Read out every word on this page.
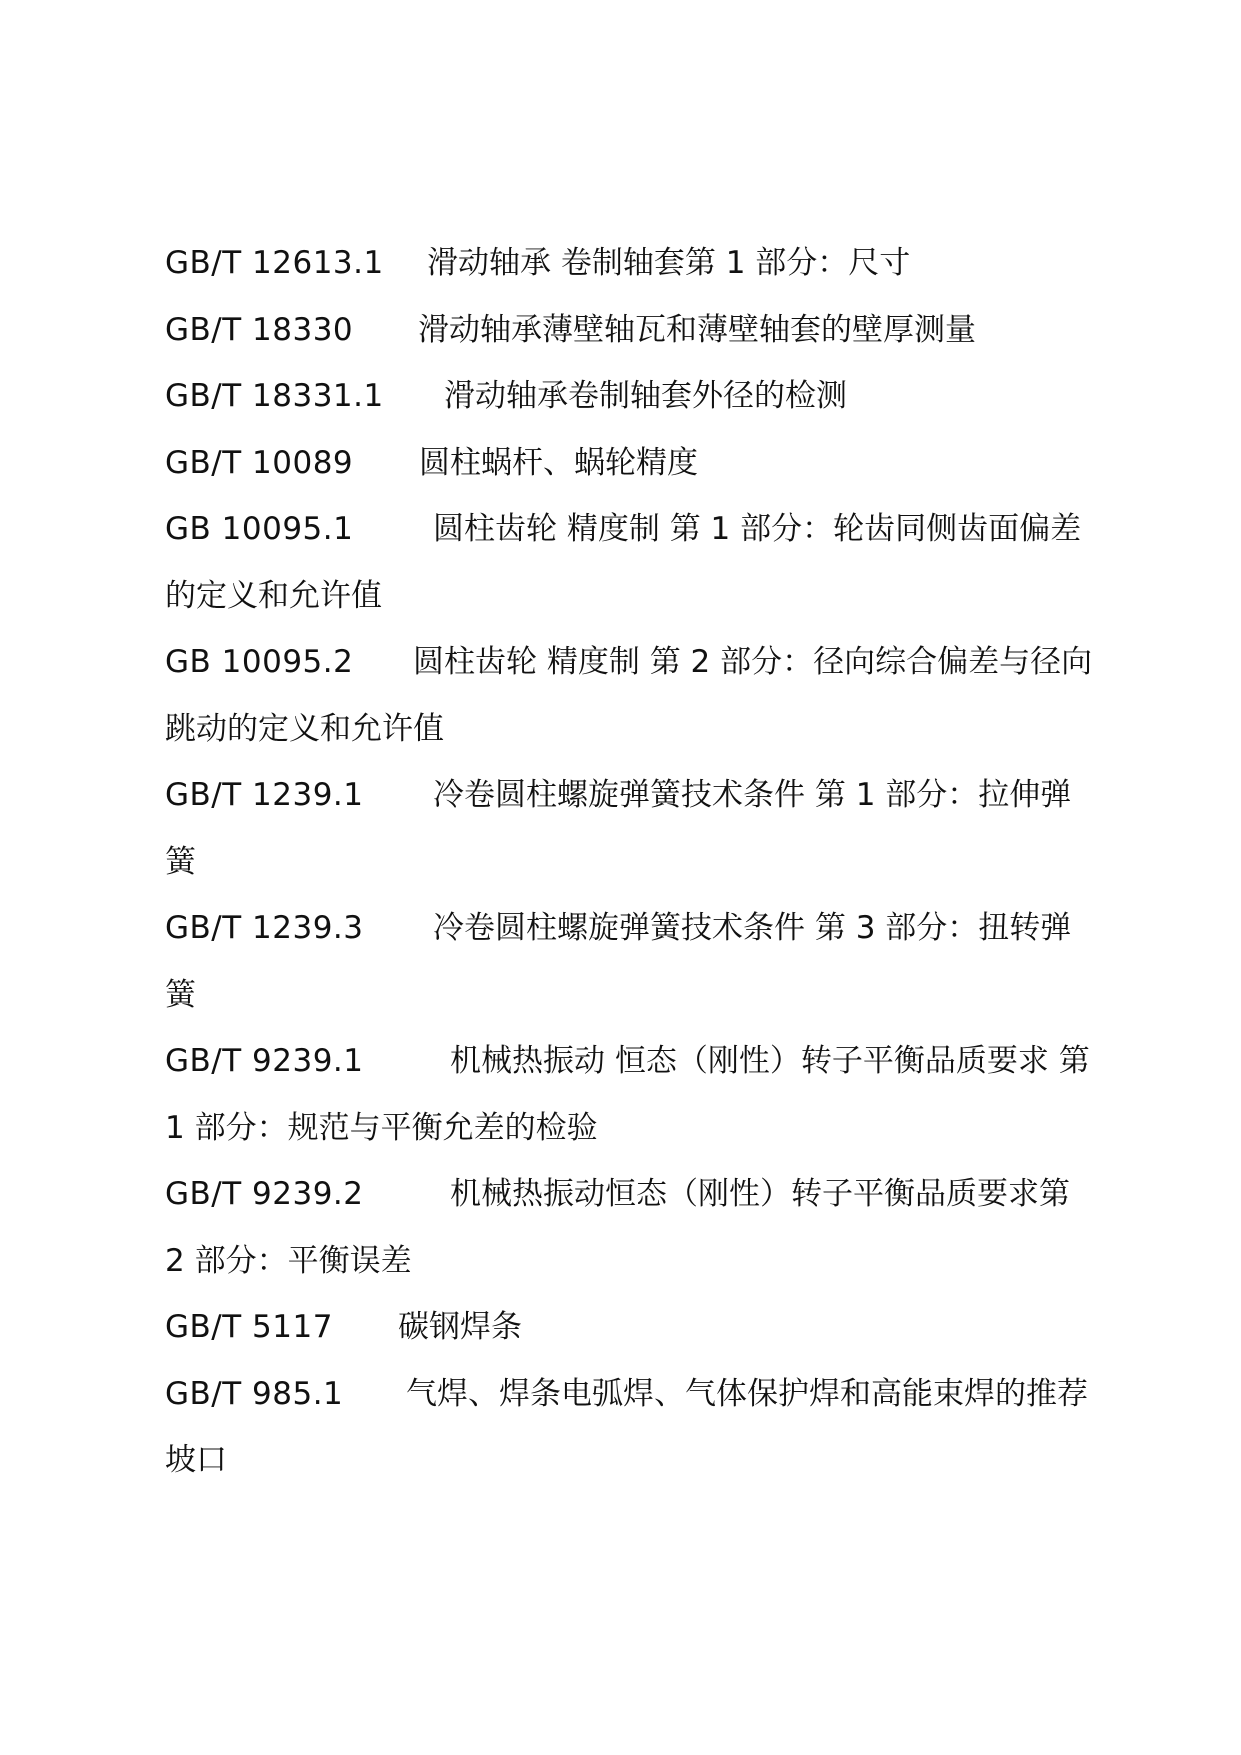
GB/T 12613.1 滑动轴承 卷制轴套第 1 部分：尺寸
GB/T 18330 滑动轴承薄壁轴瓦和薄壁轴套的壁厚测量
GB/T 18331.1 滑动轴承卷制轴套外径的检测
GB/T 10089 圆柱蜗杆、蜗轮精度
GB 10095.1	圆柱齿轮 精度制 第 1 部分：轮齿同侧齿面偏差的定义和允许值
GB 10095.2 圆柱齿轮 精度制 第 2 部分：径向综合偏差与径向跳动的定义和允许值
GB/T 1239.1 冷卷圆柱螺旋弹簧技术条件 第 1 部分：拉伸弹簧
GB/T 1239.3 冷卷圆柱螺旋弹簧技术条件 第 3 部分：扭转弹簧
GB/T 9239.1	机械热振动 恒态（刚性）转子平衡品质要求 第 1 部分：规范与平衡允差的检验
GB/T 9239.2	机械热振动恒态（刚性）转子平衡品质要求第 2 部分：平衡误差
GB/T 5117 碳钢焊条
GB/T 985.1 气焊、焊条电弧焊、气体保护焊和高能束焊的推荐坡口
